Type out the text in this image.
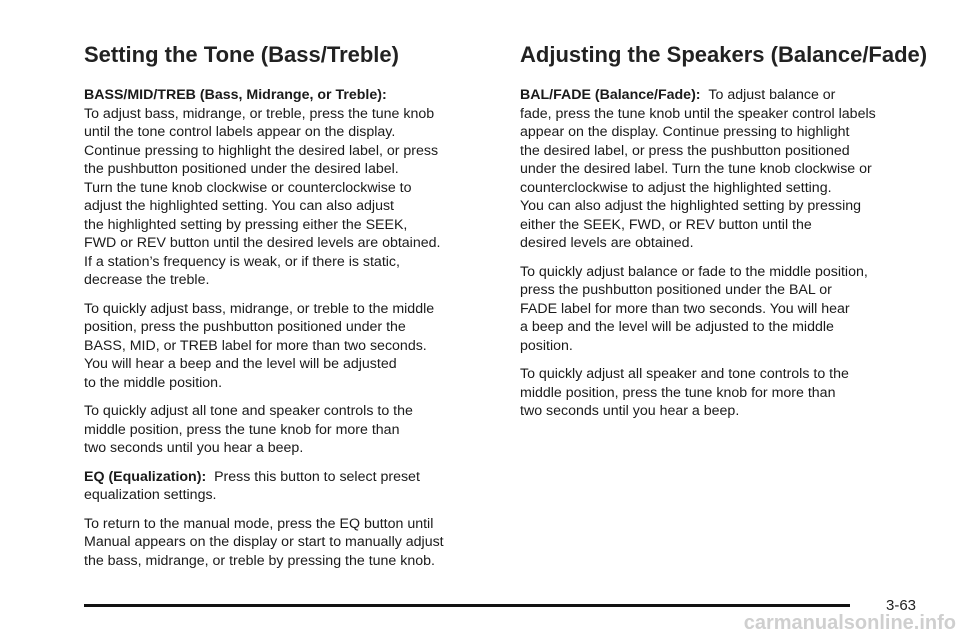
Setting the Tone (Bass/Treble)

BASS/MID/TREB (Bass, Midrange, or Treble):
To adjust bass, midrange, or treble, press the tune knob
until the tone control labels appear on the display.
Continue pressing to highlight the desired label, or press
the pushbutton positioned under the desired label.
Turn the tune knob clockwise or counterclockwise to
adjust the highlighted setting. You can also adjust
the highlighted setting by pressing either the SEEK,
FWD or REV button until the desired levels are obtained.
If a station’s frequency is weak, or if there is static,
decrease the treble.

To quickly adjust bass, midrange, or treble to the middle
position, press the pushbutton positioned under the
BASS, MID, or TREB label for more than two seconds.
You will hear a beep and the level will be adjusted
to the middle position.

To quickly adjust all tone and speaker controls to the
middle position, press the tune knob for more than
two seconds until you hear a beep.

EQ (Equalization): Press this button to select preset
equalization settings.

To return to the manual mode, press the EQ button until
Manual appears on the display or start to manually adjust
the bass, midrange, or treble by pressing the tune knob.

Adjusting the Speakers (Balance/Fade)

BAL/FADE (Balance/Fade): To adjust balance or
fade, press the tune knob until the speaker control labels
appear on the display. Continue pressing to highlight
the desired label, or press the pushbutton positioned
under the desired label. Turn the tune knob clockwise or
counterclockwise to adjust the highlighted setting.
You can also adjust the highlighted setting by pressing
either the SEEK, FWD, or REV button until the
desired levels are obtained.

To quickly adjust balance or fade to the middle position,
press the pushbutton positioned under the BAL or
FADE label for more than two seconds. You will hear
a beep and the level will be adjusted to the middle
position.

To quickly adjust all speaker and tone controls to the
middle position, press the tune knob for more than
two seconds until you hear a beep.

3-63
carmanualsonline.info
